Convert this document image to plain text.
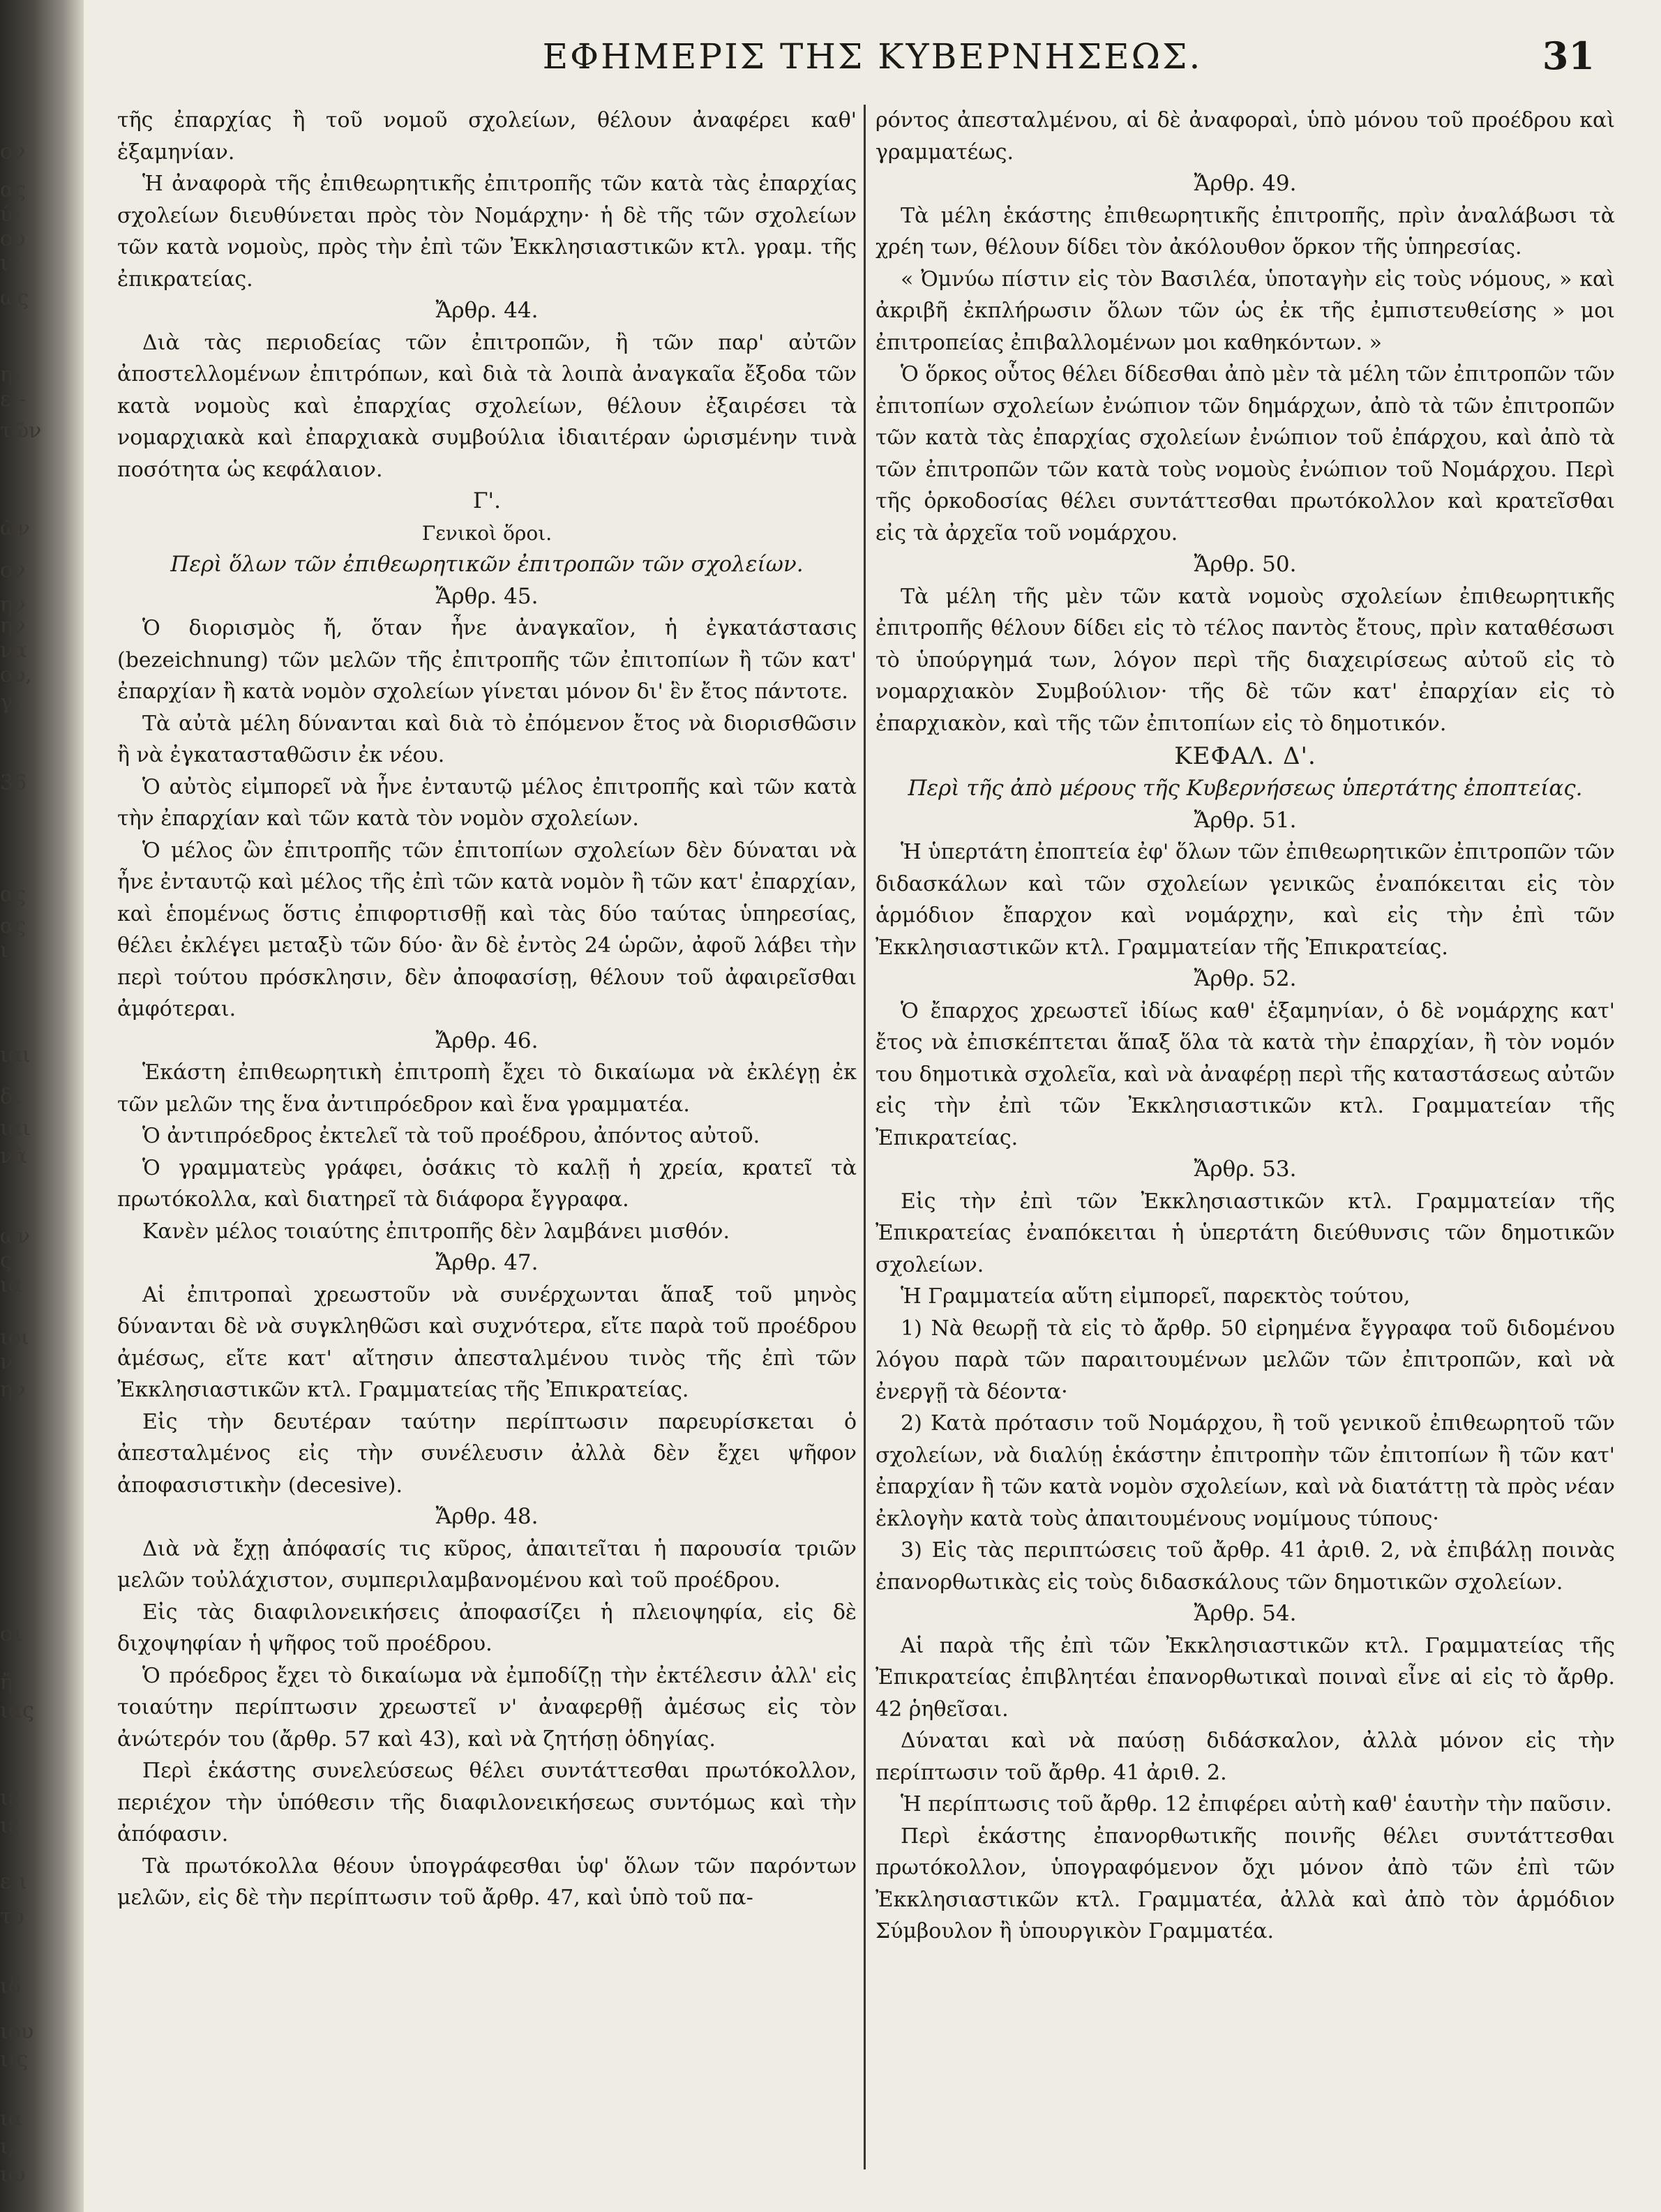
ον
ας
ύ-
ου
ιτ
ως
η-
ει-
τῶν
ῶν
ον
ην
ην
να
ου,
γ-
36
ας
ας
ι
ιαι
δι
ιαι
νὰ
ων
ς,
ιὰ
ιοι
ν,
ην
σι
ἤ
ιας
ιε
ιε
ειι
τὸ
ιδ
ιου
ιις
ιᾳ
ι,
ιω
ΕΦΗΜΕΡΙΣ ΤΗΣ ΚΥΒΕΡΝΗΣΕΩΣ.	31

τῆς ἐπαρχίας ἢ τοῦ νομοῦ σχολείων, θέλουν ἀναφέρει καθ' ἑξαμηνίαν.

Ἡ ἀναφορὰ τῆς ἐπιθεωρητικῆς ἐπιτροπῆς τῶν κατὰ τὰς ἐπαρχίας σχολείων διευθύνεται πρὸς τὸν Νομάρχην· ἡ δὲ τῆς τῶν σχολείων τῶν κατὰ νομοὺς, πρὸς τὴν ἐπὶ τῶν Ἐκκλησιαστικῶν κτλ. γραμ. τῆς ἐπικρατείας.

Ἄρθρ. 44.

Διὰ τὰς περιοδείας τῶν ἐπιτροπῶν, ἢ τῶν παρ' αὐτῶν ἀποστελλομένων ἐπιτρόπων, καὶ διὰ τὰ λοιπὰ ἀναγκαῖα ἔξοδα τῶν κατὰ νομοὺς καὶ ἐπαρχίας σχολείων, θέλουν ἐξαιρέσει τὰ νομαρχιακὰ καὶ ἐπαρχιακὰ συμβούλια ἰδιαιτέραν ὡρισμένην τινὰ ποσότητα ὡς κεφάλαιον.

Γ'.
Γενικοὶ ὅροι.
Περὶ ὅλων τῶν ἐπιθεωρητικῶν ἐπιτροπῶν τῶν σχολείων.
Ἄρθρ. 45.

Ὁ διορισμὸς ἤ, ὅταν ἦνε ἀναγκαῖον, ἡ ἐγκατάστασις (bezeichnung) τῶν μελῶν τῆς ἐπιτροπῆς τῶν ἐπιτοπίων ἢ τῶν κατ' ἐπαρχίαν ἢ κατὰ νομὸν σχολείων γίνεται μόνον δι' ἓν ἔτος πάντοτε.

Τὰ αὐτὰ μέλη δύνανται καὶ διὰ τὸ ἐπόμενον ἔτος νὰ διορισθῶσιν ἢ νὰ ἐγκατασταθῶσιν ἐκ νέου.

Ὁ αὐτὸς εἰμπορεῖ νὰ ἦνε ἐνταυτῷ μέλος ἐπιτροπῆς καὶ τῶν κατὰ τὴν ἐπαρχίαν καὶ τῶν κατὰ τὸν νομὸν σχολείων.

Ὁ μέλος ὢν ἐπιτροπῆς τῶν ἐπιτοπίων σχολείων δὲν δύναται νὰ ἦνε ἐνταυτῷ καὶ μέλος τῆς ἐπὶ τῶν κατὰ νομὸν ἢ τῶν κατ' ἐπαρχίαν, καὶ ἑπομένως ὅστις ἐπιφορτισθῇ καὶ τὰς δύο ταύτας ὑπηρεσίας, θέλει ἐκλέγει μεταξὺ τῶν δύο· ἂν δὲ ἐντὸς 24 ὡρῶν, ἀφοῦ λάβει τὴν περὶ τούτου πρόσκλησιν, δὲν ἀποφασίσῃ, θέλουν τοῦ ἀφαιρεῖσθαι ἀμφότεραι.

Ἄρθρ. 46.

Ἑκάστη ἐπιθεωρητικὴ ἐπιτροπὴ ἔχει τὸ δικαίωμα νὰ ἐκλέγῃ ἐκ τῶν μελῶν της ἕνα ἀντιπρόεδρον καὶ ἕνα γραμματέα.

Ὁ ἀντιπρόεδρος ἐκτελεῖ τὰ τοῦ προέδρου, ἀπόντος αὐτοῦ.

Ὁ γραμματεὺς γράφει, ὁσάκις τὸ καλῇ ἡ χρεία, κρατεῖ τὰ πρωτόκολλα, καὶ διατηρεῖ τὰ διάφορα ἔγγραφα.

Κανὲν μέλος τοιαύτης ἐπιτροπῆς δὲν λαμβάνει μισθόν.

Ἄρθρ. 47.

Αἱ ἐπιτροπαὶ χρεωστοῦν νὰ συνέρχωνται ἅπαξ τοῦ μηνὸς δύνανται δὲ νὰ συγκληθῶσι καὶ συχνότερα, εἴτε παρὰ τοῦ προέδρου ἀμέσως, εἴτε κατ' αἴτησιν ἀπεσταλμένου τινὸς τῆς ἐπὶ τῶν Ἐκκλησιαστικῶν κτλ. Γραμματείας τῆς Ἐπικρατείας.

Εἰς τὴν δευτέραν ταύτην περίπτωσιν παρευρίσκεται ὁ ἀπεσταλμένος εἰς τὴν συνέλευσιν ἀλλὰ δὲν ἔχει ψῆφον ἀποφασιστικὴν (decesive).

Ἄρθρ. 48.

Διὰ νὰ ἔχῃ ἀπόφασίς τις κῦρος, ἀπαιτεῖται ἡ παρουσία τριῶν μελῶν τοὐλάχιστον, συμπεριλαμβανομένου καὶ τοῦ προέδρου.

Εἰς τὰς διαφιλονεικήσεις ἀποφασίζει ἡ πλειοψηφία, εἰς δὲ διχοψηφίαν ἡ ψῆφος τοῦ προέδρου.

Ὁ πρόεδρος ἔχει τὸ δικαίωμα νὰ ἐμποδίζῃ τὴν ἐκτέλεσιν ἀλλ' εἰς τοιαύτην περίπτωσιν χρεωστεῖ ν' ἀναφερθῇ ἀμέσως εἰς τὸν ἀνώτερόν του (ἄρθρ. 57 καὶ 43), καὶ νὰ ζητήσῃ ὁδηγίας.

Περὶ ἑκάστης συνελεύσεως θέλει συντάττεσθαι πρωτόκολλον, περιέχον τὴν ὑπόθεσιν τῆς διαφιλονεικήσεως συντόμως καὶ τὴν ἀπόφασιν.

Τὰ πρωτόκολλα θέουν ὑπογράφεσθαι ὑφ' ὅλων τῶν παρόντων μελῶν, εἰς δὲ τὴν περίπτωσιν τοῦ ἄρθρ. 47, καὶ ὑπὸ τοῦ πα-

ρόντος ἀπεσταλμένου, αἱ δὲ ἀναφοραὶ, ὑπὸ μόνου τοῦ προέδρου καὶ γραμματέως.

Ἄρθρ. 49.

Τὰ μέλη ἑκάστης ἐπιθεωρητικῆς ἐπιτροπῆς, πρὶν ἀναλάβωσι τὰ χρέη των, θέλουν δίδει τὸν ἀκόλουθον ὅρκον τῆς ὑπηρεσίας.

« Ὀμνύω πίστιν εἰς τὸν Βασιλέα, ὑποταγὴν εἰς τοὺς νόμους, » καὶ ἀκριβῆ ἐκπλήρωσιν ὅλων τῶν ὡς ἐκ τῆς ἐμπιστευθείσης » μοι ἐπιτροπείας ἐπιβαλλομένων μοι καθηκόντων. »

Ὁ ὅρκος οὗτος θέλει δίδεσθαι ἀπὸ μὲν τὰ μέλη τῶν ἐπιτροπῶν τῶν ἐπιτοπίων σχολείων ἐνώπιον τῶν δημάρχων, ἀπὸ τὰ τῶν ἐπιτροπῶν τῶν κατὰ τὰς ἐπαρχίας σχολείων ἐνώπιον τοῦ ἐπάρχου, καὶ ἀπὸ τὰ τῶν ἐπιτροπῶν τῶν κατὰ τοὺς νομοὺς ἐνώπιον τοῦ Νομάρχου. Περὶ τῆς ὁρκοδοσίας θέλει συντάττεσθαι πρωτόκολλον καὶ κρατεῖσθαι εἰς τὰ ἀρχεῖα τοῦ νομάρχου.

Ἄρθρ. 50.

Τὰ μέλη τῆς μὲν τῶν κατὰ νομοὺς σχολείων ἐπιθεωρητικῆς ἐπιτροπῆς θέλουν δίδει εἰς τὸ τέλος παντὸς ἔτους, πρὶν καταθέσωσι τὸ ὑπούργημά των, λόγον περὶ τῆς διαχειρίσεως αὐτοῦ εἰς τὸ νομαρχιακὸν Συμβούλιον· τῆς δὲ τῶν κατ' ἐπαρχίαν εἰς τὸ ἐπαρχιακὸν, καὶ τῆς τῶν ἐπιτοπίων εἰς τὸ δημοτικόν.

ΚΕΦΑΛ. Δ'.
Περὶ τῆς ἀπὸ μέρους τῆς Κυβερνήσεως ὑπερτάτης ἐποπτείας.
Ἄρθρ. 51.

Ἡ ὑπερτάτη ἐποπτεία ἐφ' ὅλων τῶν ἐπιθεωρητικῶν ἐπιτροπῶν τῶν διδασκάλων καὶ τῶν σχολείων γενικῶς ἐναπόκειται εἰς τὸν ἁρμόδιον ἔπαρχον καὶ νομάρχην, καὶ εἰς τὴν ἐπὶ τῶν Ἐκκλησιαστικῶν κτλ. Γραμματείαν τῆς Ἐπικρατείας.

Ἄρθρ. 52.

Ὁ ἔπαρχος χρεωστεῖ ἰδίως καθ' ἑξαμηνίαν, ὁ δὲ νομάρχης κατ' ἔτος νὰ ἐπισκέπτεται ἅπαξ ὅλα τὰ κατὰ τὴν ἐπαρχίαν, ἢ τὸν νομόν του δημοτικὰ σχολεῖα, καὶ νὰ ἀναφέρῃ περὶ τῆς καταστάσεως αὐτῶν εἰς τὴν ἐπὶ τῶν Ἐκκλησιαστικῶν κτλ. Γραμματείαν τῆς Ἐπικρατείας.

Ἄρθρ. 53.

Εἰς τὴν ἐπὶ τῶν Ἐκκλησιαστικῶν κτλ. Γραμματείαν τῆς Ἐπικρατείας ἐναπόκειται ἡ ὑπερτάτη διεύθυνσις τῶν δημοτικῶν σχολείων.

Ἡ Γραμματεία αὕτη εἰμπορεῖ, παρεκτὸς τούτου,

1) Νὰ θεωρῇ τὰ εἰς τὸ ἄρθρ. 50 εἰρημένα ἔγγραφα τοῦ διδομένου λόγου παρὰ τῶν παραιτουμένων μελῶν τῶν ἐπιτροπῶν, καὶ νὰ ἐνεργῇ τὰ δέοντα·

2) Κατὰ πρότασιν τοῦ Νομάρχου, ἢ τοῦ γενικοῦ ἐπιθεωρητοῦ τῶν σχολείων, νὰ διαλύῃ ἑκάστην ἐπιτροπὴν τῶν ἐπιτοπίων ἢ τῶν κατ' ἐπαρχίαν ἢ τῶν κατὰ νομὸν σχολείων, καὶ νὰ διατάττῃ τὰ πρὸς νέαν ἐκλογὴν κατὰ τοὺς ἀπαιτουμένους νομίμους τύπους·

3) Εἰς τὰς περιπτώσεις τοῦ ἄρθρ. 41 ἀριθ. 2, νὰ ἐπιβάλῃ ποινὰς ἐπανορθωτικὰς εἰς τοὺς διδασκάλους τῶν δημοτικῶν σχολείων.

Ἄρθρ. 54.

Αἱ παρὰ τῆς ἐπὶ τῶν Ἐκκλησιαστικῶν κτλ. Γραμματείας τῆς Ἐπικρατείας ἐπιβλητέαι ἐπανορθωτικαὶ ποιναὶ εἶνε αἱ εἰς τὸ ἄρθρ. 42 ῥηθεῖσαι.

Δύναται καὶ νὰ παύσῃ διδάσκαλον, ἀλλὰ μόνον εἰς τὴν περίπτωσιν τοῦ ἄρθρ. 41 ἀριθ. 2.

Ἡ περίπτωσις τοῦ ἄρθρ. 12 ἐπιφέρει αὐτὴ καθ' ἑαυτὴν τὴν παῦσιν.

Περὶ ἑκάστης ἐπανορθωτικῆς ποινῆς θέλει συντάττεσθαι πρωτόκολλον, ὑπογραφόμενον ὄχι μόνον ἀπὸ τῶν ἐπὶ τῶν Ἐκκλησιαστικῶν κτλ. Γραμματέα, ἀλλὰ καὶ ἀπὸ τὸν ἁρμόδιον Σύμβουλον ἢ ὑπουργικὸν Γραμματέα.
